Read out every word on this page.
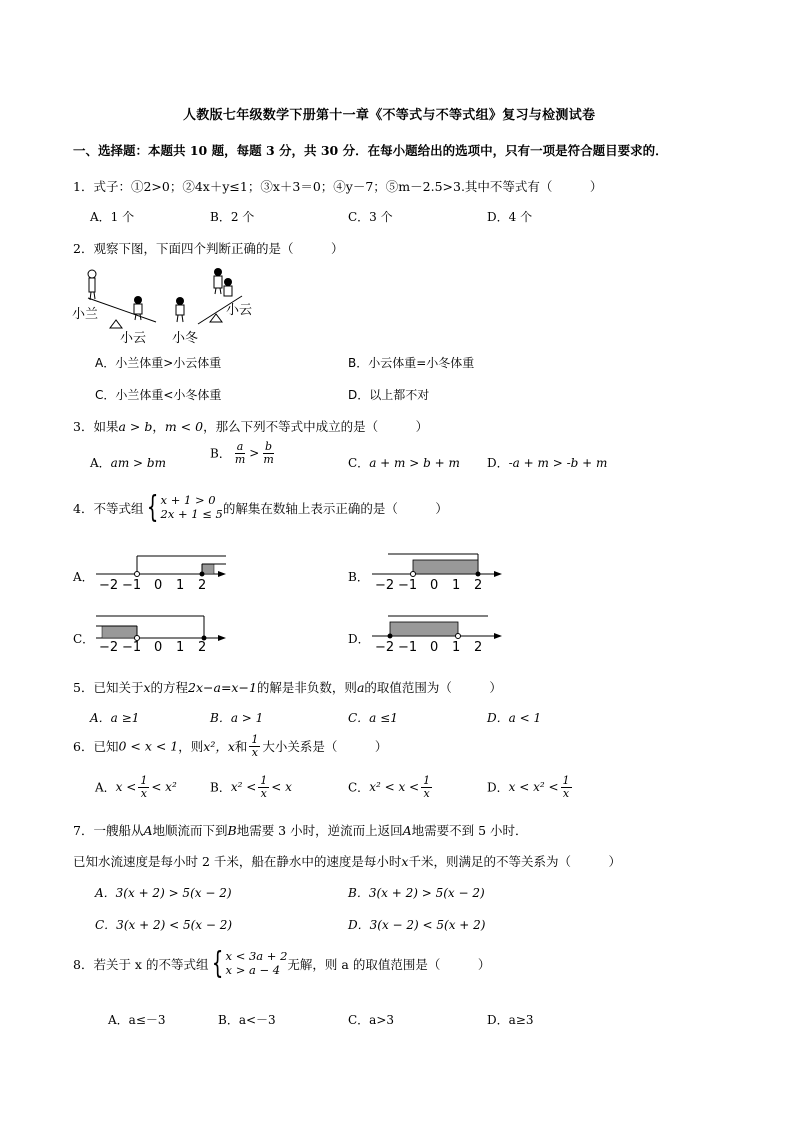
人教版七年级数学下册第十一章《不等式与不等式组》复习与检测试卷
一、选择题：本题共 10 题，每题 3 分，共 30 分．在每小题给出的选项中，只有一项是符合题目要求的．
1．式子：①2>0；②4x＋y≤1；③x＋3＝0；④y－7；⑤m－2.5>3.其中不等式有（　　　）
A．1 个	B．2 个	C．3 个	D．4 个
2．观察下图，下面四个判断正确的是（　　　）
小兰
小云 小冬
小云
A．小兰体重>小云体重	B．小云体重=小冬体重
C．小兰体重<小冬体重	D．以上都不对
3．如果a > b，m < 0，那么下列不等式中成立的是（　　　）
A．am > bm
B． $\frac{a}{m} > \frac{b}{m}$	C．a + m > b + m D．-a + m > -b + m
4．不等式组 { x + 1 > 0
2x + 1 ≤ 5 的解集在数轴上表示正确的是（　　　）
A．
−2 −1 0 1 2
B．
−2 −1 0 1 2
C．
−2 −1 0 1 2
D．
−2 −1 0 1 2
5．已知关于x的方程2x−a=x−1的解是非负数，则a的取值范围为（　　　）
A．a ≥1	B．a > 1	C．a ≤1	D．a < 1
6．已知0 < x < 1，则x²，x和 $\frac{1}{x}$ 大小关系是（　　　）
A．$x < \frac{1}{x} < x^2$	B．$x^2 < \frac{1}{x} < x$	C．$x^2 < x < \frac{1}{x}$	D．$x < x^2 < \frac{1}{x}$
7．一艘船从A地顺流而下到B地需要 3 小时，逆流而上返回A地需要不到 5 小时．
已知水流速度是每小时 2 千米，船在静水中的速度是每小时x千米，则满足的不等关系为（　　　）
A．3(x + 2) > 5(x − 2)	B．3(x + 2) > 5(x − 2)
C．3(x + 2) < 5(x − 2)	D．3(x − 2) < 5(x + 2)
8．若关于 x 的不等式组 { x < 3a + 2
x > a − 4 无解，则 a 的取值范围是（　　　）
A．a≤－3	B．a<－3	C．a>3	D．a≥3
